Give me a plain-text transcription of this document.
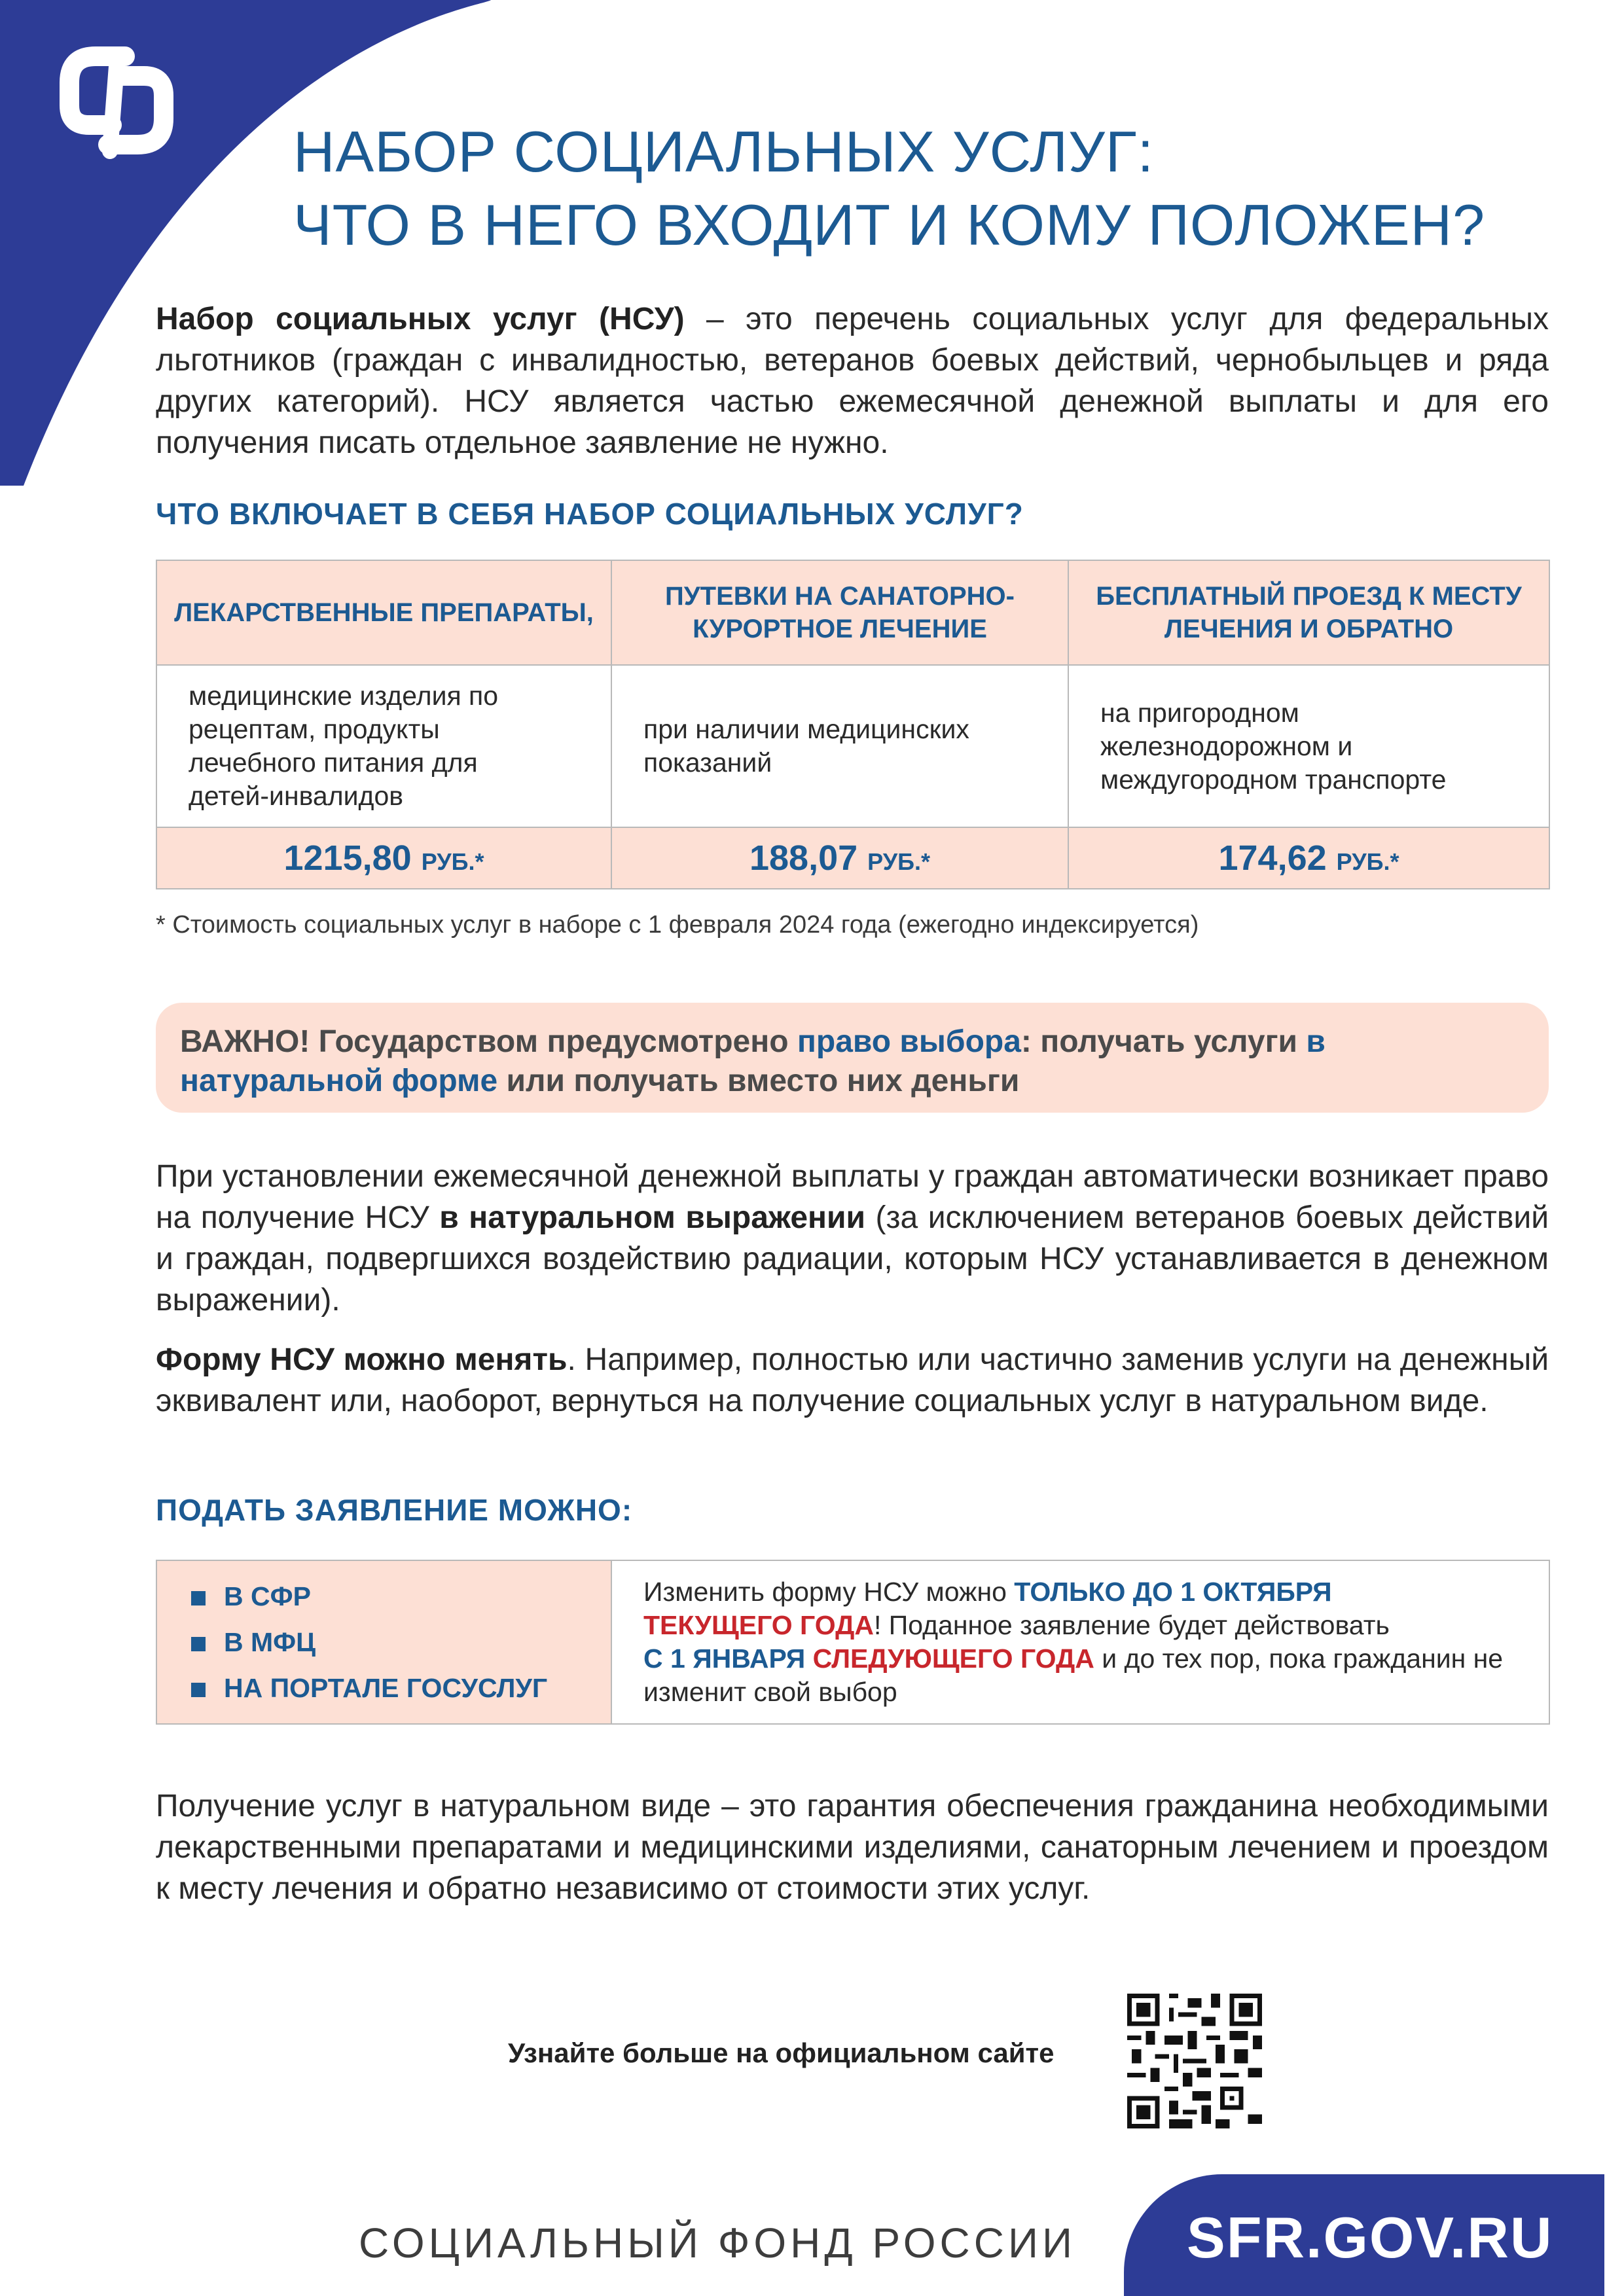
НАБОР СОЦИАЛЬНЫХ УСЛУГ:
ЧТО В НЕГО ВХОДИТ И КОМУ ПОЛОЖЕН?
Набор социальных услуг (НСУ) – это перечень социальных услуг для федеральных льготников (граждан с инвалидностью, ветеранов боевых действий, чернобыльцев и ряда других категорий). НСУ является частью ежемесячной денежной выплаты и для его получения писать отдельное заявление не нужно.
ЧТО ВКЛЮЧАЕТ В СЕБЯ НАБОР СОЦИАЛЬНЫХ УСЛУГ?
ЛЕКАРСТВЕННЫЕ ПРЕПАРАТЫ,	ПУТЕВКИ НА САНАТОРНО-КУРОРТНОЕ ЛЕЧЕНИЕ	БЕСПЛАТНЫЙ ПРОЕЗД К МЕСТУ ЛЕЧЕНИЯ И ОБРАТНО
медицинские изделия по рецептам, продукты лечебного питания для детей-инвалидов	при наличии медицинских показаний	на пригородном железнодорожном и междугородном транспорте
1215,80 РУБ.*	188,07 РУБ.*	174,62 РУБ.*
* Стоимость социальных услуг в наборе с 1 февраля 2024 года (ежегодно индексируется)
ВАЖНО! Государством предусмотрено право выбора: получать услуги в натуральной форме или получать вместо них деньги
При установлении ежемесячной денежной выплаты у граждан автоматически возникает право на получение НСУ в натуральном выражении (за исключением ветеранов боевых действий и граждан, подвергшихся воздействию радиации, которым НСУ устанавливается в денежном выражении).
Форму НСУ можно менять. Например, полностью или частично заменив услуги на денежный эквивалент или, наоборот, вернуться на получение социальных услуг в натуральном виде.
ПОДАТЬ ЗАЯВЛЕНИЕ МОЖНО:
В СФР
В МФЦ
НА ПОРТАЛЕ ГОСУСЛУГ
	Изменить форму НСУ можно ТОЛЬКО ДО 1 ОКТЯБРЯ
ТЕКУЩЕГО ГОДА! Поданное заявление будет действовать
С 1 ЯНВАРЯ СЛЕДУЮЩЕГО ГОДА и до тех пор, пока гражданин не изменит свой выбор
Получение услуг в натуральном виде – это гарантия обеспечения гражданина необходимыми лекарственными препаратами и медицинскими изделиями, санаторным лечением и проездом к месту лечения и обратно независимо от стоимости этих услуг.
Узнайте больше на официальном сайте
СОЦИАЛЬНЫЙ ФОНД РОССИИ	SFR.GOV.RU
